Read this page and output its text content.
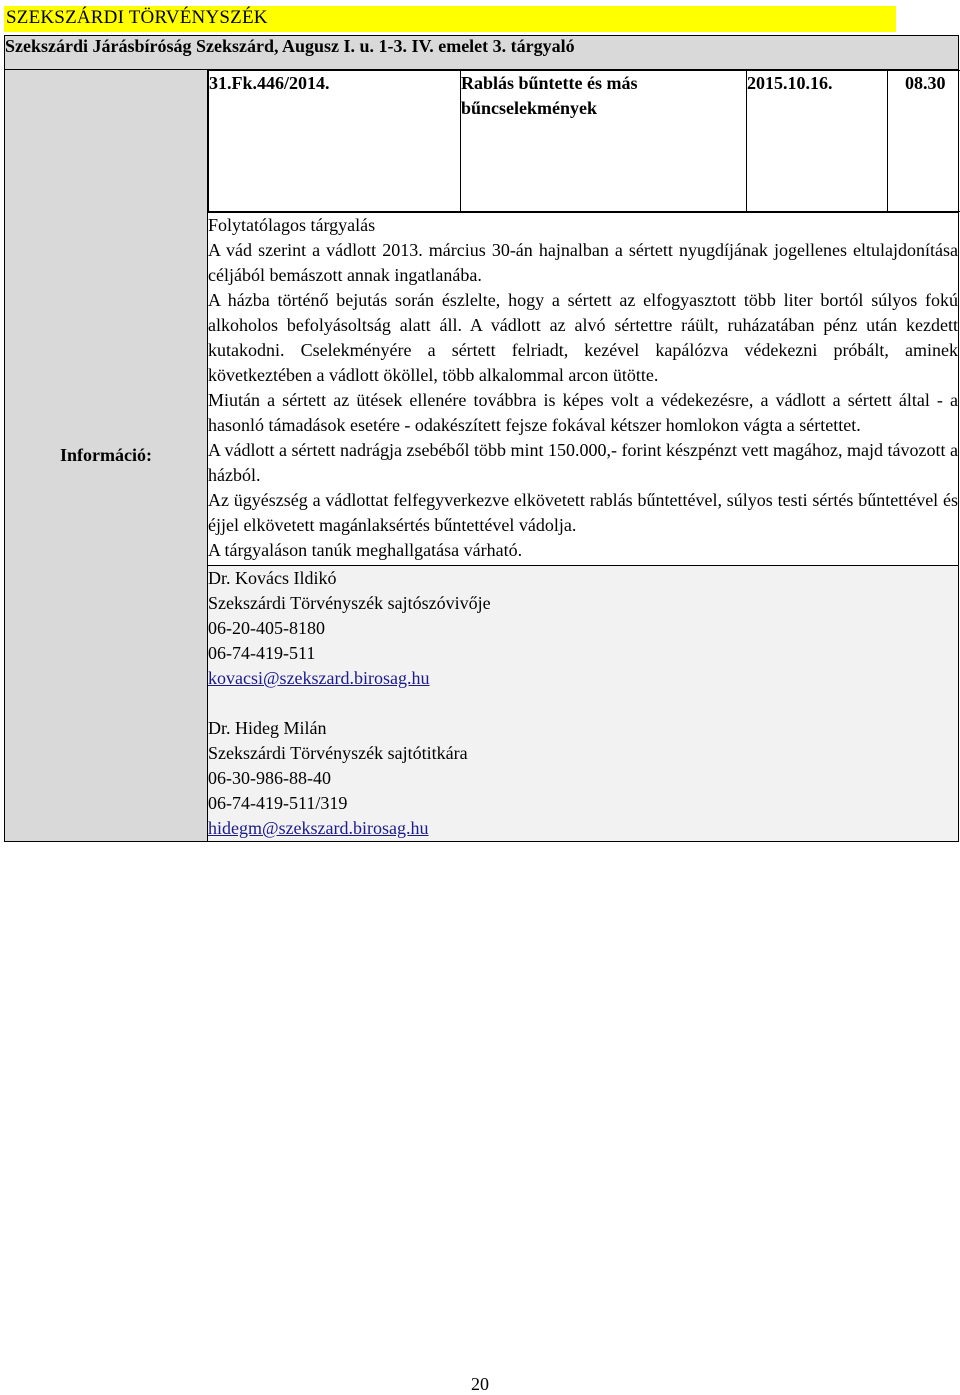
SZEKSZÁRDI TÖRVÉNYSZÉK
Szekszárdi Járásbíróság Szekszárd, Augusz I. u. 1-3. IV. emelet 3. tárgyaló
Információ:	
31.Fk.446/2014.	Rablás bűntette és más bűncselekmények	2015.10.16.	08.30

Folytatólagos tárgyalás

A vád szerint a vádlott 2013. március 30-án hajnalban a sértett nyugdíjának jogellenes eltulajdonítása céljából bemászott annak ingatlanába.

A házba történő bejutás során észlelte, hogy a sértett az elfogyasztott több liter bortól súlyos fokú alkoholos befolyásoltság alatt áll. A vádlott az alvó sértettre ráült, ruházatában pénz után kezdett kutakodni. Cselekményére a sértett felriadt, kezével kapálózva védekezni próbált, aminek következtében a vádlott ököllel, több alkalommal arcon ütötte.

Miután a sértett az ütések ellenére továbbra is képes volt a védekezésre, a vádlott a sértett által - a hasonló támadások esetére - odakészített fejsze fokával kétszer homlokon vágta a sértettet.

A vádlott a sértett nadrágja zsebéből több mint 150.000,- forint készpénzt vett magához, majd távozott a házból.

Az ügyészség a vádlottat felfegyverkezve elkövetett rablás bűntettével, súlyos testi sértés bűntettével és éjjel elkövetett magánlaksértés bűntettével vádolja.

A tárgyaláson tanúk meghallgatása várható.

Dr. Kovács Ildikó

Szekszárdi Törvényszék sajtószóvivője

06-20-405-8180

06-74-419-511

kovacsi@szekszard.birosag.hu

Dr. Hideg Milán

Szekszárdi Törvényszék sajtótitkára

06-30-986-88-40

06-74-419-511/319

hidegm@szekszard.birosag.hu

20
